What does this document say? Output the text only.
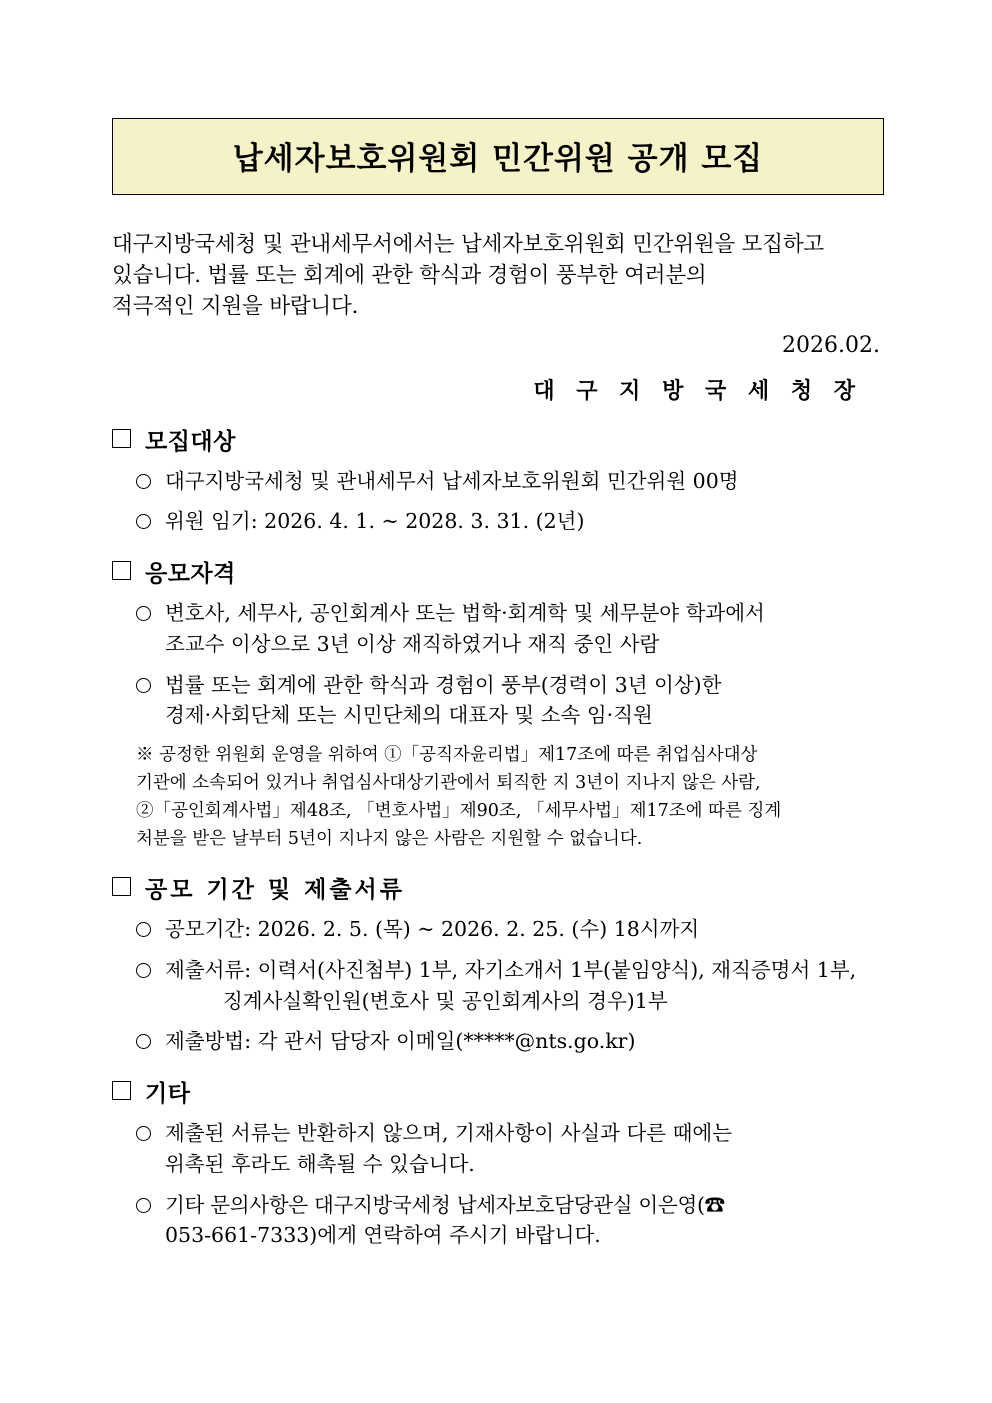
납세자보호위원회 민간위원 공개 모집
대구지방국세청 및 관내세무서에서는 납세자보호위원회 민간위원을 모집하고
있습니다. 법률 또는 회계에 관한 학식과 경험이 풍부한 여러분의
적극적인 지원을 바랍니다.
2026.02.
대 구 지 방 국 세 청 장
모집대상
대구지방국세청 및 관내세무서 납세자보호위원회 민간위원 00명
위원 임기: 2026. 4. 1. ~ 2028. 3. 31. (2년)
응모자격
변호사, 세무사, 공인회계사 또는 법학·회계학 및 세무분야 학과에서
조교수 이상으로 3년 이상 재직하였거나 재직 중인 사람
법률 또는 회계에 관한 학식과 경험이 풍부(경력이 3년 이상)한
경제·사회단체 또는 시민단체의 대표자 및 소속 임·직원
※ 공정한 위원회 운영을 위하여 ①「공직자윤리법」제17조에 따른 취업심사대상
기관에 소속되어 있거나 취업심사대상기관에서 퇴직한 지 3년이 지나지 않은 사람,
②「공인회계사법」제48조, 「변호사법」제90조, 「세무사법」제17조에 따른 징계
처분을 받은 날부터 5년이 지나지 않은 사람은 지원할 수 없습니다.
공모 기간 및 제출서류
공모기간: 2026. 2. 5. (목) ~ 2026. 2. 25. (수) 18시까지
제출서류: 이력서(사진첨부) 1부, 자기소개서 1부(붙임양식), 재직증명서 1부,
징계사실확인원(변호사 및 공인회계사의 경우)1부
제출방법: 각 관서 담당자 이메일(*****@nts.go.kr)
기타
제출된 서류는 반환하지 않으며, 기재사항이 사실과 다른 때에는
위촉된 후라도 해촉될 수 있습니다.
기타 문의사항은 대구지방국세청 납세자보호담당관실 이은영(☎
053-661-7333)에게 연락하여 주시기 바랍니다.
